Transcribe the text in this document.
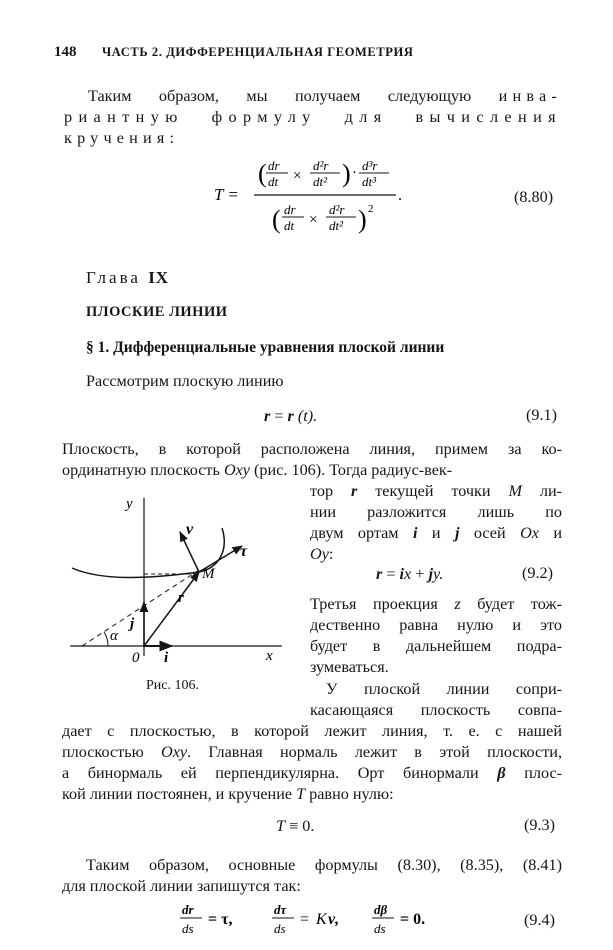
148 ЧАСТЬ 2. ДИФФЕРЕНЦИАЛЬНАЯ ГЕОМЕТРИЯ
Таким образом, мы получаем следующую инва-
риантную формулу для вычисления
кручения:
T =
( dr
dt ×
d²r
dt² ) · d³r
dt³
.
( dr
dt ×
d²r
dt² ) 2
(8.80)
Глава IX
ПЛОСКИЕ ЛИНИИ
§ 1. Дифференциальные уравнения плоской линии
Рассмотрим плоскую линию
r = r (t).	(9.1)
Плоскость, в которой расположена линия, примем за ко-
ординатную плоскость Oxy (рис. 106). Тогда радиус-век-
тор r текущей точки M ли-
нии разложится лишь по
двум ортам i и j осей Ox и
Oy:
r = ix + jy.	(9.2)
Третья проекция z будет тож-
дественно равна нулю и это
будет в дальнейшем подра-
зумеваться.
У плоской линии сопри-
касающаяся плоскость совпа-
y
x
0 i
j
r
M
ν
τ
α
Рис. 106.
дает с плоскостью, в которой лежит линия, т. е. с нашей
плоскостью Oxy. Главная нормаль лежит в этой плоскости,
а бинормаль ей перпендикулярна. Орт бинормали β плос-
кой линии постоянен, и кручение T равно нулю:
T ≡ 0.	(9.3)
Таким образом, основные формулы (8.30), (8.35), (8.41)
для плоской линии запишутся так:
dr
ds
= τ,
dτ
ds
= K ν,
dβ
ds
= 0.	(9.4)
